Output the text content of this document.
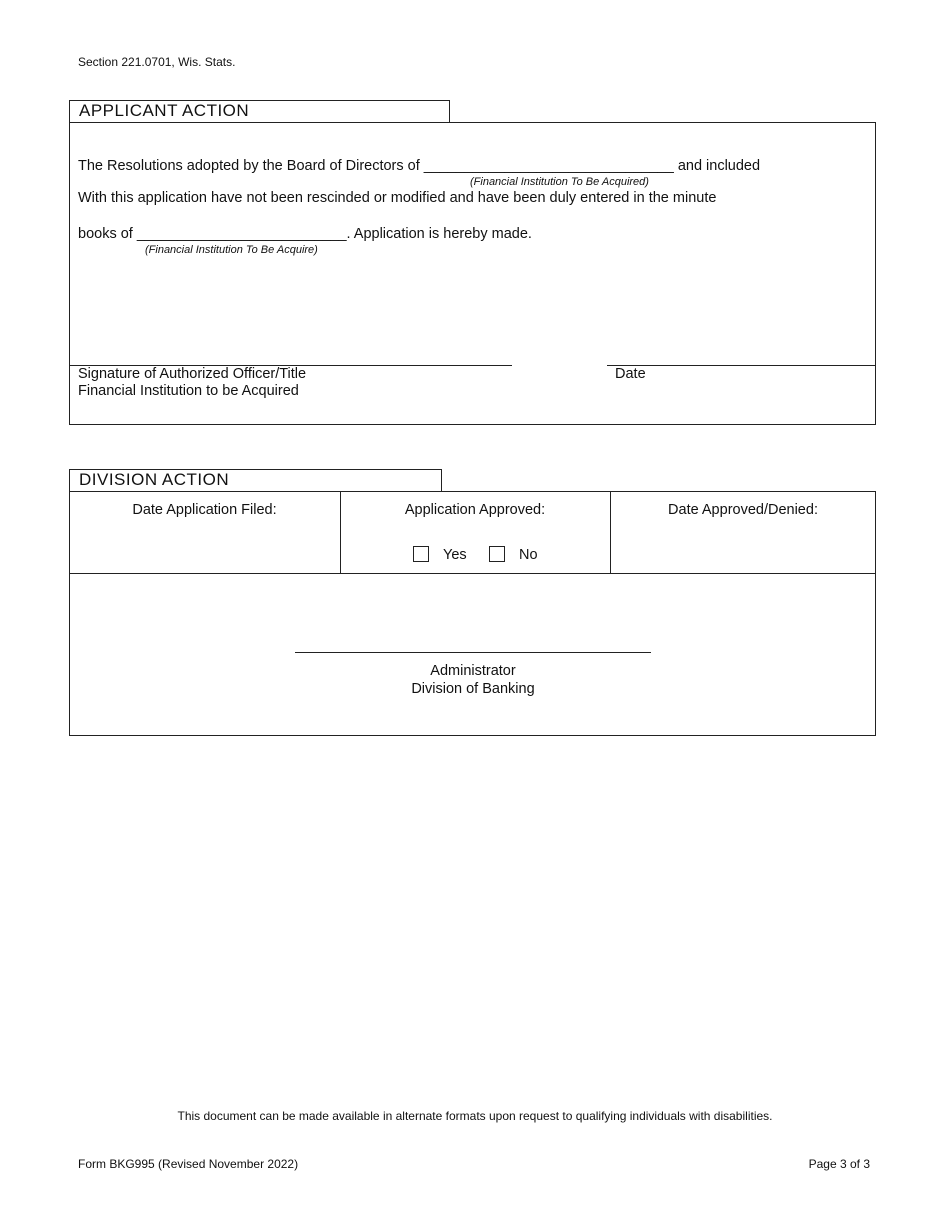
Section 221.0701, Wis. Stats.
APPLICANT ACTION
The Resolutions adopted by the Board of Directors of _______________________________ and included
(Financial Institution To Be Acquired)
With this application have not been rescinded or modified and have been duly entered in the minute
books of __________________________. Application is hereby made.
(Financial Institution To Be Acquire)
Signature of Authorized Officer/Title
Financial Institution to be Acquired
Date
DIVISION ACTION
Date Application Filed:	Application Approved:	Date Approved/Denied:
Yes	No
Administrator
Division of Banking
This document can be made available in alternate formats upon request to qualifying individuals with disabilities.
Form BKG995 (Revised November 2022)	Page 3 of 3
